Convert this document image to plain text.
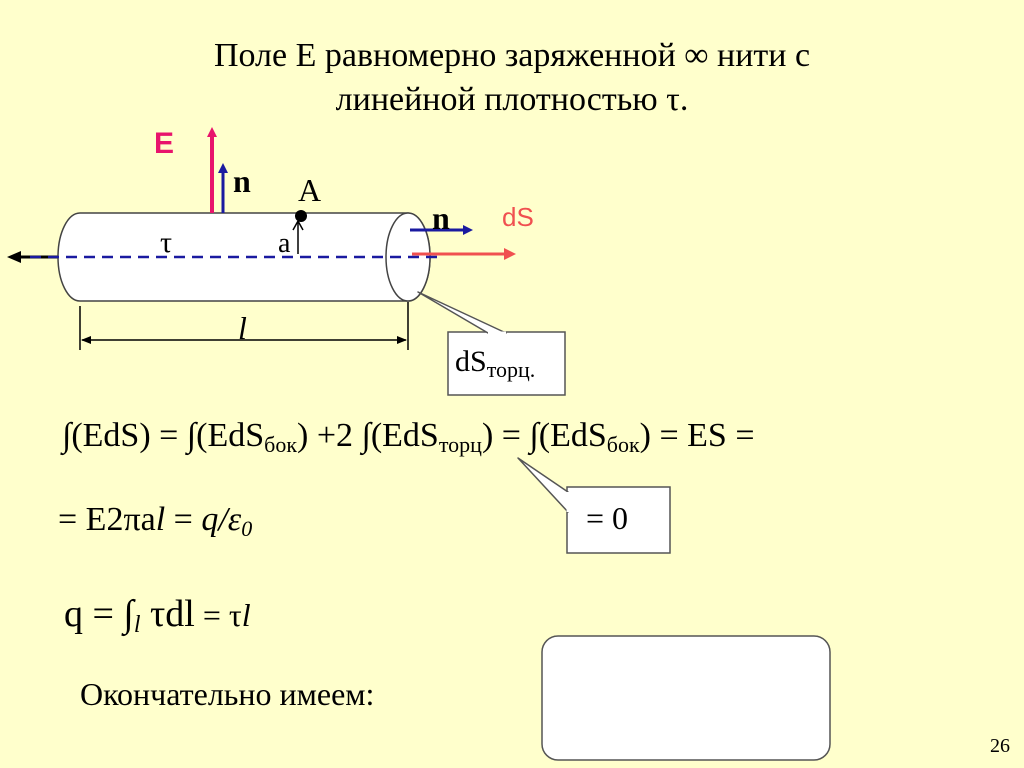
Поле E равномерно заряженной ∞ нити с
линейной плотностью τ.
E
n A
n dS
τ	a
l
$dS_{торц.}$
∫(EdS) = ∫(EdS$_{бок}$) +2 ∫(EdS$_{торц}$) = ∫(EdS$_{бок}$) = ES =
= $E2\pi al = q/\varepsilon_0$	= 0
$q = \int_l$ τdl = τl
Окончательно имеем:
26
